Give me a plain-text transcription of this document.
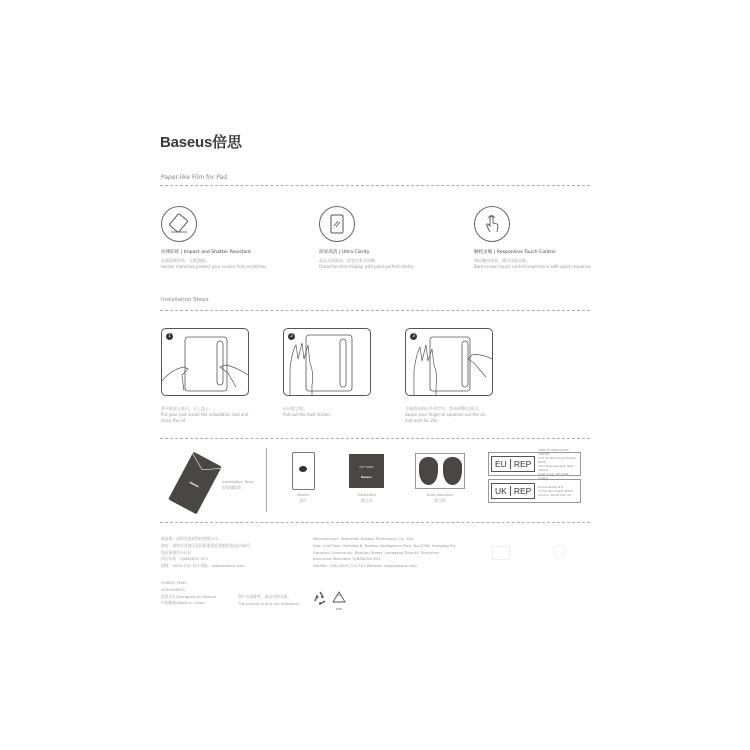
Baseus倍思
Paper-like Film for Pad
抗摔防碎 | Impact and Shatter Resistant
高强度硬升级，无惧刮擦。
Harder materials protect your screen from scratches.
原屏高清 | Ultra Clarity
高清无损画质，视觉色彩更清晰。
Distortion-less display with pixel-perfect clarity.
触控灵敏 | Responsive Touch Control
裸屏触控体验，操作快速灵敏。
Bare-screen touch control experience with quick response.
Installation Steps
1
将平板放入套内，合上盖子。
Put your pad inside the installation tool and close the lid
2
拉出除尘贴。
Pull out the dust sticker
3
手指滑动挤出多余空气，等待20秒后即可。
Swipe your finger to squeeze out the air, and wait for 20s
Installation Tools
安装辅助袋
Wipes
湿巾
DRY WIPES
Baseus
Dustcloth
除尘布
Dust absorber
除尘贴
EU REP
APEX CE SPECIALISTS LIMITED
Unit 3D North Point House, North
Point Business Park, New Mallow
Road, Cork, T23 AT2P, Ireland
UK REP	Prinna Global LTD
27 Old Gloucester Street
London, WC1N 3AX, UK
制造商：深圳市倍思科技有限公司
地址：深圳市龙岗区坂田街道倍思智能科技园2008号
坂田街道岗头社区
执行标准：Q/BASEUS 003
热线：4000-712-713 网址：www.baseus.com
Manufacturer: Shenzhen Baseus Technology Co., Ltd.
Add: 2nd Floor, Building B, Baseus Intelligence Park, No.2008, Xuegang Rd,
Gangtou Community, Bantian Street, Longgang District, Shenzhen
Executive Standard: Q/BASEUS 003
Hotline: +86-4000-712-713 Website: www.baseus.com
P93632 PDA0
1000056031
倍思设计/Designed by Baseus
中国制造/Made in China
图片仅供参考，请以实物为准。
The picture is only for reference
21
PAP
